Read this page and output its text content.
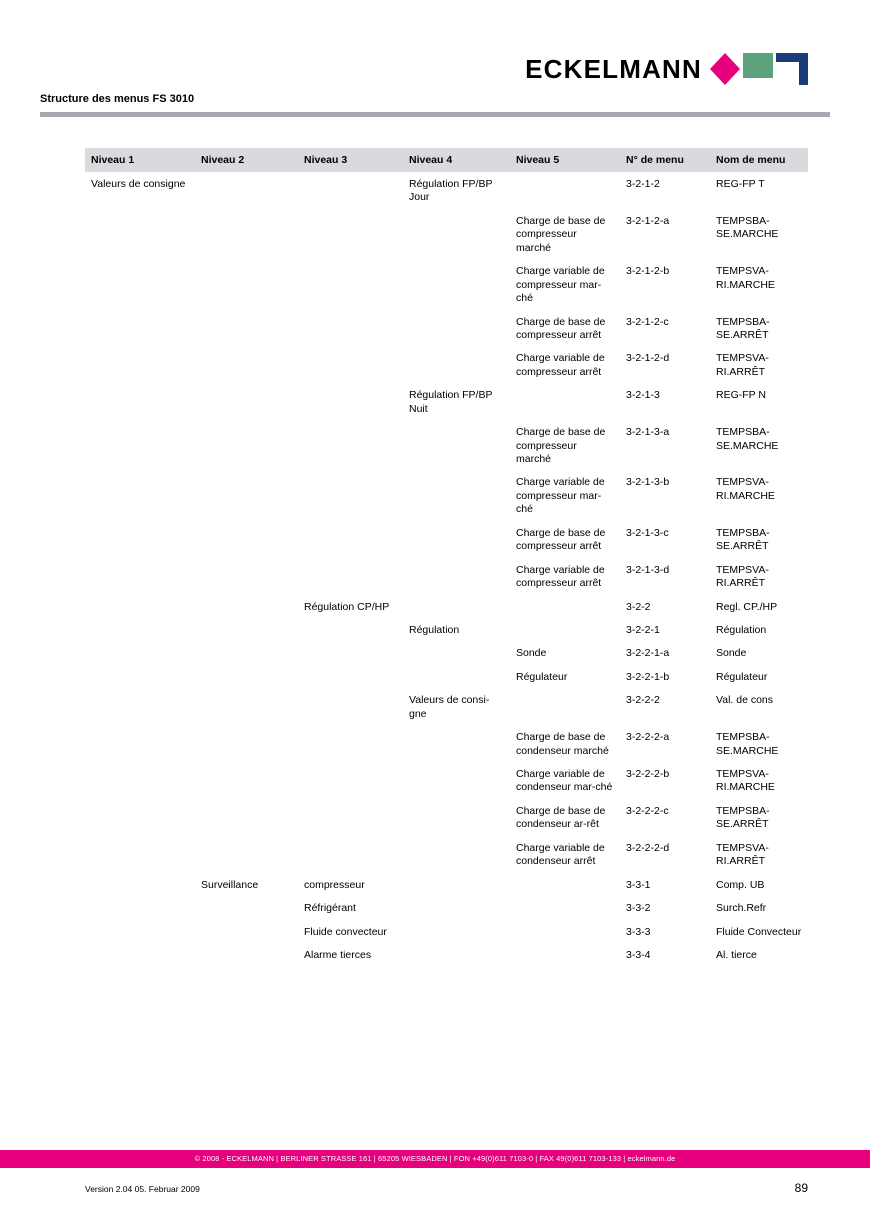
ECKELMANN
Structure des menus FS 3010
Niveau 1	Niveau 2	Niveau 3	Niveau 4	Niveau 5	N° de menu	Nom de menu
Valeurs de consigne			Régulation FP/BP Jour		3-2-1-2	REG-FP T
				Charge de base de compresseur marché	3-2-1-2-a	TEMPSBA-SE.MARCHE
				Charge variable de compresseur mar-ché	3-2-1-2-b	TEMPSVA-RI.MARCHE
				Charge de base de compresseur arrêt	3-2-1-2-c	TEMPSBA-SE.ARRÊT
				Charge variable de compresseur arrêt	3-2-1-2-d	TEMPSVA-RI.ARRÊT
			Régulation FP/BP Nuit		3-2-1-3	REG-FP N
				Charge de base de compresseur marché	3-2-1-3-a	TEMPSBA-SE.MARCHE
				Charge variable de compresseur mar-ché	3-2-1-3-b	TEMPSVA-RI.MARCHE
				Charge de base de compresseur arrêt	3-2-1-3-c	TEMPSBA-SE.ARRÊT
				Charge variable de compresseur arrêt	3-2-1-3-d	TEMPSVA-RI.ARRÊT
		Régulation CP/HP			3-2-2	Regl. CP./HP
			Régulation		3-2-2-1	Régulation
				Sonde	3-2-2-1-a	Sonde
				Régulateur	3-2-2-1-b	Régulateur
			Valeurs de consi-gne		3-2-2-2	Val. de cons
				Charge de base de condenseur marché	3-2-2-2-a	TEMPSBA-SE.MARCHE
				Charge variable de condenseur mar-ché	3-2-2-2-b	TEMPSVA-RI.MARCHE
				Charge de base de condenseur ar-rêt	3-2-2-2-c	TEMPSBA-SE.ARRÊT
				Charge variable de condenseur arrêt	3-2-2-2-d	TEMPSVA-RI.ARRÊT
	Surveillance	compresseur			3-3-1	Comp. UB
		Réfrigérant			3-3-2	Surch.Refr
		Fluide convecteur			3-3-3	Fluide Convecteur
		Alarme tierces			3-3-4	Al. tierce
© 2008 - ECKELMANN | BERLINER STRASSE 161 | 65205 WIESBADEN | FON +49(0)611 7103-0 | FAX 49(0)611 7103-133 | eckelmann.de
Version 2.04 05. Februar 2009	89
